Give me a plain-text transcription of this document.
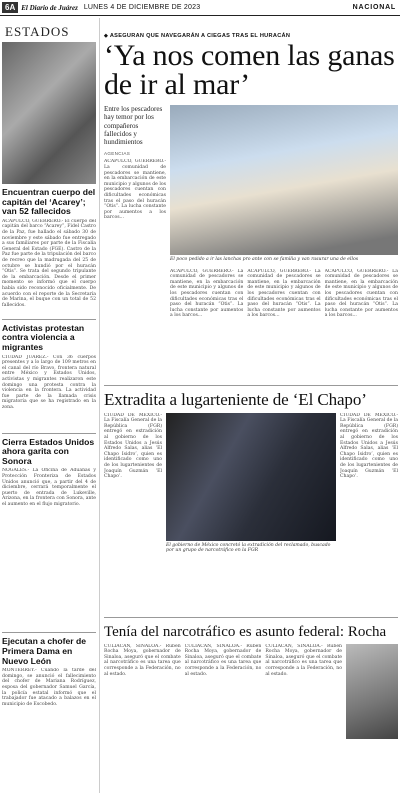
6A El Diario de Juárez LUNES 4 DE DICIEMBRE DE 2023	NACIONAL
ESTADOS
Encuentran cuerpo del capitán del ‘Acarey’; van 52 fallecidos
ACAPULCO, GUERRERO.- El cuerpo del capitán del barco “Acarey”, Fidel Castro de la Paz, fue hallado el sábado 30 de noviembre y este sábado fue entregado a sus familiares por parte de la Fiscalía General del Estado (FGE). Castro de la Paz fue parte de la tripulación del barco de recreo que la madrugada del 25 de octubre se hundió por el huracán “Otis”. Se trata del segundo tripulante de la embarcación. Desde el primer momento se informó que el cuerpo había sido reconocido oficialmente. De acuerdo con el reporte de la Secretaría de Marina, el buque con un total de 52 fallecidos.
Activistas protestan contra violencia a migrantes
CIUDAD JUÁREZ.- Con 36 cuerpos presentes y a lo largo de 109 metros en el canal del río Bravo, frontera natural entre México y Estados Unidos, activistas y migrantes realizaron este domingo una protesta contra la violencia en la frontera. La actividad fue parte de la llamada crisis migratoria que se ha registrado en la zona.
Cierra Estados Unidos ahora garita con Sonora
NOGALES.- La Oficina de Aduanas y Protección Fronteriza de Estados Unidos anunció que, a partir del 4 de diciembre, cerrará temporalmente el puerto de entrada de Lukeville, Arizona, en la frontera con Sonora, ante el aumento en el flujo migratorio.
Ejecutan a chofer de Primera Dama en Nuevo León
MONTERREY.- Cuando la tarde del domingo, se anunció el fallecimiento del chofer de Mariana Rodríguez, esposa del gobernador Samuel García, la policía estatal informó que el trabajador fue atacado a balazos en el municipio de Escobedo.
◆ ASEGURAN QUE NAVEGARÁN A CIEGAS TRAS EL HURACÁN
‘Ya nos comen las ganas de ir al mar’
Entre los pescadores hay temor por los compañeros fallecidos y hundimientos
AGENCIAS
ACAPULCO, GUERRERO.- La comunidad de pescadores se mantiene, en la embarcación de este municipio y algunos de los pescadores cuentan con dificultades económicas tras el paso del huracán “Otis”. La lucha constante por aumentos a los barcos...
El poco pedido a ir las lanchas pro ante con se familia y van rasurar una de ellos
ACAPULCO, GUERRERO.- La comunidad de pescadores se mantiene, en la embarcación de este municipio y algunos de los pescadores cuentan con dificultades económicas tras el paso del huracán “Otis”. La lucha constante por aumentos a los barcos...
ACAPULCO, GUERRERO.- La comunidad de pescadores se mantiene, en la embarcación de este municipio y algunos de los pescadores cuentan con dificultades económicas tras el paso del huracán “Otis”. La lucha constante por aumentos a los barcos...
ACAPULCO, GUERRERO.- La comunidad de pescadores se mantiene, en la embarcación de este municipio y algunos de los pescadores cuentan con dificultades económicas tras el paso del huracán “Otis”. La lucha constante por aumentos a los barcos...
Extradita a lugarteniente de ‘El Chapo’
CIUDAD DE MÉXICO.- La Fiscalía General de la República (FGR) entregó en extradición al gobierno de los Estados Unidos a Jesús Alfredo Salas, alias ‘El Chapo Isidro’, quien es identificado como uno de los lugartenientes de Joaquín Guzmán ‘El Chapo’.
El gobierno de México concretó la extradición del reclamado, buscado por un grupo de narcotráfico en la FGR
CIUDAD DE MÉXICO.- La Fiscalía General de la República (FGR) entregó en extradición al gobierno de los Estados Unidos a Jesús Alfredo Salas, alias ‘El Chapo Isidro’, quien es identificado como uno de los lugartenientes de Joaquín Guzmán ‘El Chapo’.
Tenía del narcotráfico es asunto federal: Rocha
CULIACÁN, SINALOA.- Rubén Rocha Moya, gobernador de Sinaloa, aseguró que el combate al narcotráfico es una tarea que corresponde a la Federación, no al estado.
CULIACÁN, SINALOA.- Rubén Rocha Moya, gobernador de Sinaloa, aseguró que el combate al narcotráfico es una tarea que corresponde a la Federación, no al estado.
CULIACÁN, SINALOA.- Rubén Rocha Moya, gobernador de Sinaloa, aseguró que el combate al narcotráfico es una tarea que corresponde a la Federación, no al estado.
